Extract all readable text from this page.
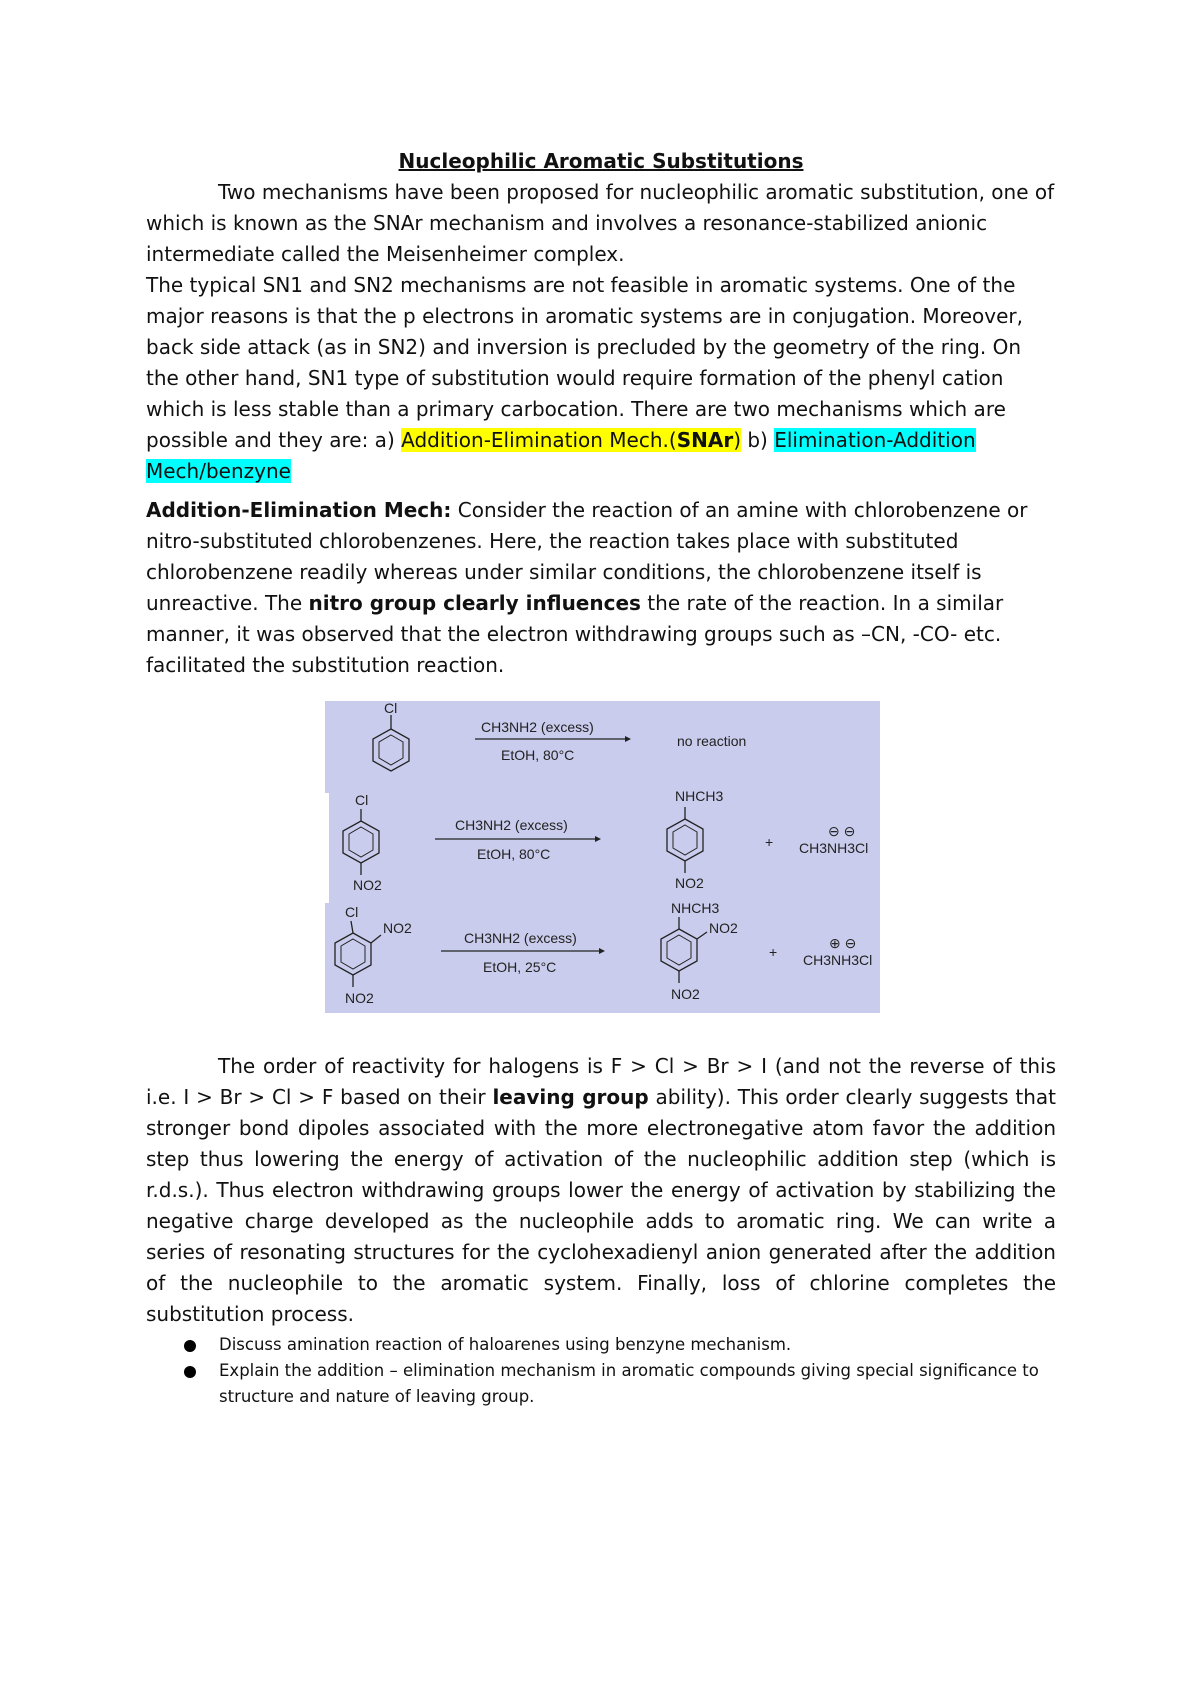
Nucleophilic Aromatic Substitutions

Two mechanisms have been proposed for nucleophilic aromatic substitution, one of which is known as the SNAr mechanism and involves a resonance-stabilized anionic intermediate called the Meisenheimer complex.

The typical SN1 and SN2 mechanisms are not feasible in aromatic systems. One of the major reasons is that the p electrons in aromatic systems are in conjugation. Moreover, back side attack (as in SN2) and inversion is precluded by the geometry of the ring. On the other hand, SN1 type of substitution would require formation of the phenyl cation which is less stable than a primary carbocation. There are two mechanisms which are possible and they are: a) Addition-Elimination Mech.(SNAr) b) Elimination-Addition Mech/benzyne

Addition-Elimination Mech: Consider the reaction of an amine with chlorobenzene or nitro-substituted chlorobenzenes. Here, the reaction takes place with substituted chlorobenzene readily whereas under similar conditions, the chlorobenzene itself is unreactive. The nitro group clearly influences the rate of the reaction. In a similar manner, it was observed that the electron withdrawing groups such as –CN, -CO- etc. facilitated the substitution reaction.

Cl
CH3NH2 (excess)
EtOH, 80°C
no reaction
Cl
NO2
CH3NH2 (excess)
EtOH, 80°C
NHCH3
NO2
+
⊖ ⊖
CH3NH3Cl
Cl
NO2
NO2
CH3NH2 (excess)
EtOH, 25°C
NHCH3
NO2
NO2
+
⊕ ⊖
CH3NH3Cl

The order of reactivity for halogens is F > Cl > Br > I (and not the reverse of this i.e. I > Br > Cl > F based on their leaving group ability). This order clearly suggests that stronger bond dipoles associated with the more electronegative atom favor the addition step thus lowering the energy of activation of the nucleophilic addition step (which is r.d.s.). Thus electron withdrawing groups lower the energy of activation by stabilizing the negative charge developed as the nucleophile adds to aromatic ring. We can write a series of resonating structures for the cyclohexadienyl anion generated after the addition of the nucleophile to the aromatic system. Finally, loss of chlorine completes the substitution process.

Discuss amination reaction of haloarenes using benzyne mechanism.
Explain the addition – elimination mechanism in aromatic compounds giving special significance to structure and nature of leaving group.
